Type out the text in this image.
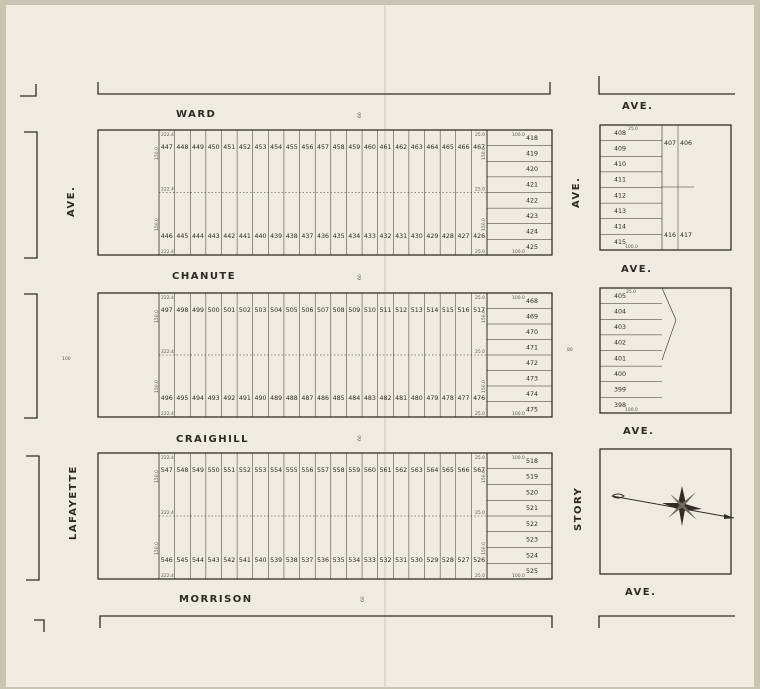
447 448 449 450 451 452 453 454 455 456 457 458 459 460 461 462 463 464 465 466 467
446 445 444 443 442 441 440 439 438 437 436 435 434 433 432 431 430 429 428 427 426
418
419
420
421
422
423
424
425
222.4
222.4
222.4
25.0
25.0
25.0
100.0
100.0
150.0
150.0
150.0
150.0
497 498 499 500 501 502 503 504 505 506 507 508 509 510 511 512 513 514 515 516 517
496 495 494 493 492 491 490 489 488 487 486 485 484 483 482 481 480 479 478 477 476
468
469
470
471
472
473
474
475
222.4
222.4
222.4
25.0
25.0
25.0
100.0
100.0
150.0
150.0
150.0
150.0
547 548 549 550 551 552 553 554 555 556 557 558 559 560 561 562 563 564 565 566 567
546 545 544 543 542 541 540 539 538 537 536 535 534 533 532 531 530 529 528 527 526
518
519
520
521
522
523
524
525
222.4
222.4
222.4
25.0
25.0
25.0
100.0
100.0
150.0
150.0
150.0
150.0
408
409
410
411
412
413
414
415
407 406
416 417
25.0
100.0
405
404
403
402
401
400
399
398
25.0
100.0
WARD
CHANUTE
CRAIGHILL
MORRISON
AVE.
AVE.
AVE.
AVE.
AVE.
LAFAYETTE
AVE.
STORY
60
60
60
60
100
80
